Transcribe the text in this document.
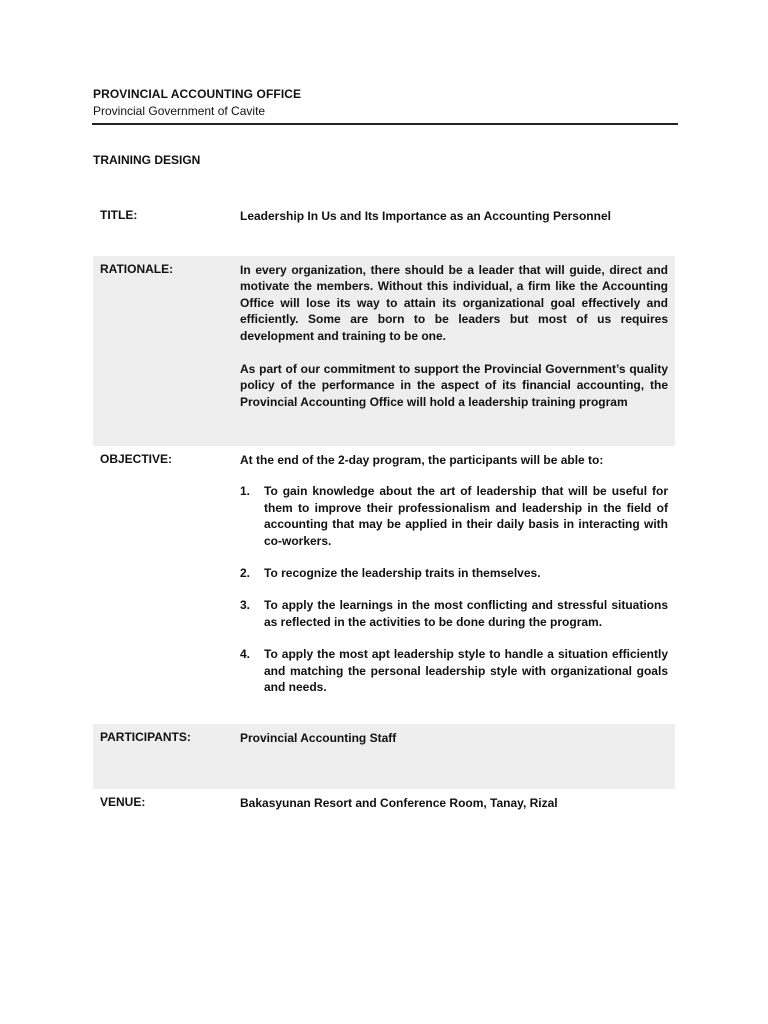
PROVINCIAL ACCOUNTING OFFICE
Provincial Government of Cavite
TRAINING DESIGN
TITLE:	Leadership In Us and Its Importance as an Accounting Personnel
RATIONALE:	In every organization, there should be a leader that will guide, direct and motivate the members. Without this individual, a firm like the Accounting Office will lose its way to attain its organizational goal effectively and efficiently. Some are born to be leaders but most of us requires development and training to be one.

As part of our commitment to support the Provincial Government’s quality policy of the performance in the aspect of its financial accounting, the Provincial Accounting Office will hold a leadership training program

OBJECTIVE:	At the end of the 2-day program, the participants will be able to:

1. To gain knowledge about the art of leadership that will be useful for them to improve their professionalism and leadership in the field of accounting that may be applied in their daily basis in interacting with co-workers.
2. To recognize the leadership traits in themselves.
3. To apply the learnings in the most conflicting and stressful situations as reflected in the activities to be done during the program.
4. To apply the most apt leadership style to handle a situation efficiently and matching the personal leadership style with organizational goals and needs.
PARTICIPANTS:	Provincial Accounting Staff
VENUE:	Bakasyunan Resort and Conference Room, Tanay, Rizal
